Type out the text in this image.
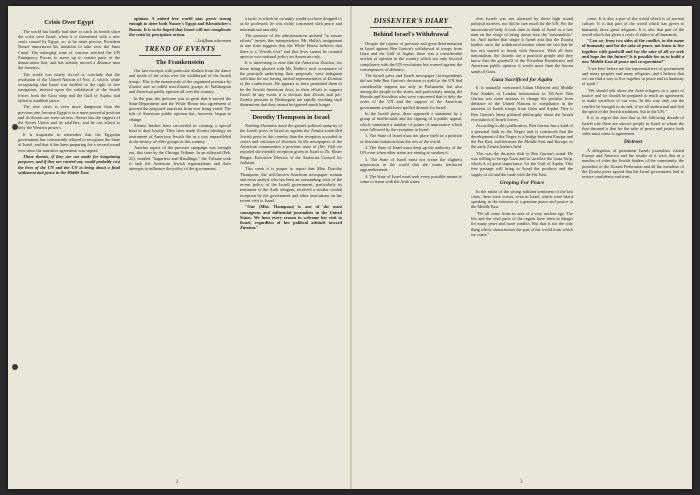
Crisis Over Egypt

The world has hardly had time to catch its breath since the crisis over Israel, when it is threatened with a new crisis caused by Egypt, or, to be more precise, President Nasser announced his intention to take over the Suez Canal. The enlarging zone of concern reached the UN Emergency Forces to move up to certain parts of the demarcation line, and has already moved a distance near the frontiers.

The world was nearly forced to conclude that the resolution of the United Nations of Nov. 2, which, while recognizing that Israel was entitled to the right of free navigation, insisted upon the withdrawal of the Israeli forces from the Gaza strip and the Gulf of Aqaba, had failed to establish peace.

The new crisis is even more dangerous than the previous one, because Egypt is in a more powerful position and its threats are more serious. Nasser has the support of the Soviet Union and its satellites, and he can afford to defy the Western powers.

It is important to remember that the Egyptian government has consistently refused to recognize the State of Israel, and that it has been preparing for a second round ever since the armistice agreement was signed.

Those threats, if they are not made for bargaining purposes, and if they are carried out, would probably cost the lives of the UN and the UN to bring about a final settlement and peace in the Middle East.

opinion. A united free world may prove strong enough to deter both Nasser's Egypt and Khrushchev's Russia. It is to be hoped that Israel will not complicate the crisis by precipitate action.

—Leiffbaut aikenman

TREND OF EVENTS
The Frankenstein

Our last excerpts with particular disdain from the dance and tussle of the crisis over the withdrawal of the Israeli troops. This is the monstrosity of the organized pressure by Zionist and so-called non-Zionist groups in Washington and American public opinion all over the country.

In the past, the pressure was so great that it moved the State Department and the White House into agreement to prevent the proposed sanctions from ever being voted. The tide of American public opinion has, however, begun to change.

Zionist leaders have succeeded in creating a special kind of dual loyalty. They have made Zionist ideology an instrument of American Jewish life in a way unparalleled in the history of other groups in this country.

Another aspect of the pressure campaign was brought out, this time by the Chicago Tribune. In an editorial (Feb. 23), entitled "Sugarfest and Handlings," the Tribune took to task the American Jewish organizations and their attempts to influence the policy of the government.

a tactic in which he certainly would not have dropped if, as he professed, he was richly concerned with peace and international morality.

The pressure of the administration assisted "to ensure efforts" invites this interpretation. Mr. Hulla's assignment at one time suggests that the White House believes that there is a "Jewish vote" and that Jews cannot be counted upon to vote national policy on American only.

It is interesting to note that the American Zionists, for those being pleased with Mr. Dulles's tacit acceptance of the principle underlying their proposals, were indignant with him for not having invited representatives of Zionism to the conferences. He appears to have permitted them to be the Jewish American Jews, in their efforts to support Israel. In any event, it is obvious that Zionist and pro-Zionist pressure in Washington are rapidly reaching such dimensions that they cannot be ignored much longer.

Dorothy Thompson in Israel

Nothing illustrates more the greater political maturity of the Israeli press in Israel as against the Zionist-controlled Jewish press in this country than the reception accorded to critics and criticism of Zionism. In the newspapers of the American communities a previous issue of (No. 104) we reported the friendly reception given in Israel to Dr. Elmer Berger, Executive Director of the American Council for Judaism.

This week it is proper to report that Miss Dorothy Thompson, the well-known American newspaper woman and news analyst who has been an outstanding critic of the recent policy of the Israeli government, particularly its treatment of the Arab refugees, received a similar cordial reception by the government and other institutions on her recent visit to Israel.

"Our (Miss Thompson) is one of the most courageous and influential journalists in the United States. We have every reason to welcome her visit to Israel, regardless of her political attitude toward Zionism."

DISSENTER'S DIARY
Behind Israel's Withdrawal

Despite the reports of pressure and great determination in Israel against Ben Gurion's withdrawal of troops from Gaza and the Gulf of Aqaba, there was a considerable section of opinion in the country which not only favored compliance with the UN resolutions but warned against the consequences of defiance.

The Israeli press and Israeli newspaper correspondents did not hide Ben Gurion's decision to yield to the UN had considerable support not only in Parliament, but also among the people in the street, and particularly among the liberals and Socialists who were concerned that to defy the order of the UN and the support of the American government would have spelled disaster for Israel.

In the Israeli press, there appeared a statement by a group of intellectuals and the signing of a public appeal, which contained a number of points of importance which were followed by the reception in Israel:

1. The State of Israel must not place itself in a position of absolute isolation from the rest of the world.

2. The State of Israel must keep up the authority of the UN even when other states are aiming to weaken it.

3. The State of Israel must not create the slightest impression in the world that she wants territorial aggrandizement.

4. The State of Israel must seek every possible means to come to terms with the Arab states.

ever Israeli was not attracted by these high sound political motives, nor did he care much for the UN. For the unconvinced body it took time to think of Israel as a free man on the verge of being drawn into the "nationalistic" lot. And further that single is Israel and that the Zionist leaders carry the withdrawal motion when the fact that he has not started to break with America. With all their nationalism, the Israelis are a practical people and they know that the goodwill of the President Eisenhower and American public opinion is worth more than the barren sands of Gaza.

Gaza Sacrificed for Aqaba

It is naturally welcomed Julian Oldrived and Middle East Studies of London information in Tel-Aviv Ben Gurion was more anxious to change his position from defiance of the United Nations to compliance in the interests of Israeli troops from Gaza and Aqaba. This is Ben Gurion's latest political philosophy about the Israeli evacuation of Israeli forces.

According to this publication, Ben Gurion has a kind of a personal faith in the Negev and is convinced that the development of the Negev is a bridge between Europe and the Far East, and between the Middle East and Europe, as the early Zionist leaders held.

This was the decisive shift in Ben Gurion's mind. He was willing to forego Gaza and to sacrifice the Gaza Strip, which is of great importance, for the Gulf of Aqaba. This free passage will bring to Israel the products and the supply of oil and the trade with the Far East.

Groping For Peace

In the midst of the strong militant sentiment of the last crisis, there were voices, even in Israel, which were heard speaking in the interests of a genuine peace and justice in the Middle East.

"We all come from an area of a very nuclear age. The life and the vital parts of the region have been in danger for many years and more conflict. But that is not the only thing which characterizes the part of the world from which we come."

come. It is also a part of the world which is of ancient culture. It is that part of the world which has given to humanity three great religions. It is also that part of the world which has given a crisis of ethics to all humanity.

"Can we, from two sides of the conflict, in the name of humanity and for the sake of peace, not learn to live together with goodwill and for the sake of all we seek and hope for the future? Is it possible for us to build a new Middle East of peace and co-operation?"

"I see here before me the representatives of government and many peoples and many religions, and I believe that we can find a way to live together in peace and in harmony of spirit."

"We should talk about the Arab refugees in a spirit of justice and we should be prepared to reach an agreement, to make sacrifices of our own. In this way only can the conflict be brought to an end, if we all understand and feel the spirit of the Jewish traditions, but in the UN."

It is to regret this fact that in the following decade of Israeli rule there are sincere people in Israel to whom the first demand is that for the sake of peace and justice both sides must come to agreement.

Distrust

A delegation of prominent Israeli journalists visited Europe and America and the results of it were that in a number of cities the Jewish leaders of the community, the president of the Zionist Federation and all the members of the Zionist press agreed that the Israel government had to restore confidence and trust.

2	3
